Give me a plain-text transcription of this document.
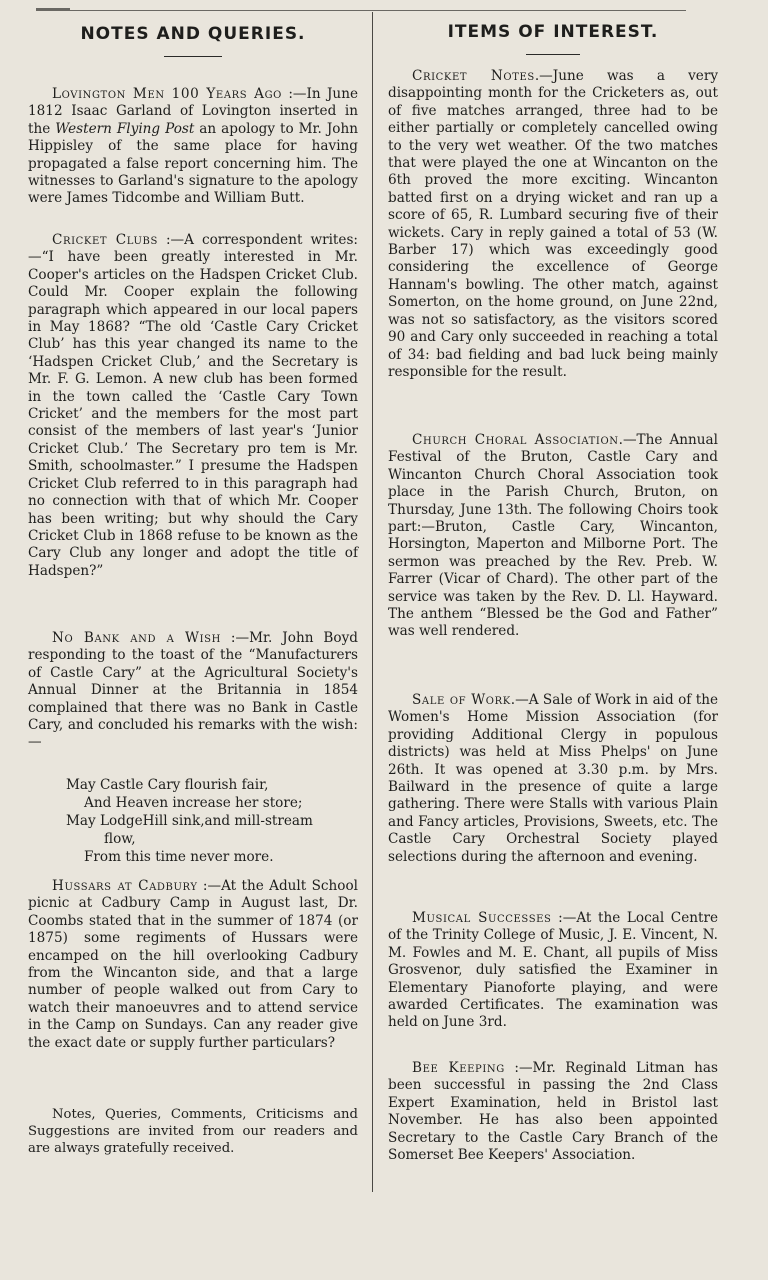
NOTES AND QUERIES.

Lovington Men 100 Years Ago :—In June 1812 Isaac Garland of Lovington inserted in the Western Flying Post an apology to Mr. John Hippisley of the same place for having propagated a false report concerning him. The witnesses to Garland's signature to the apology were James Tidcombe and William Butt.

Cricket Clubs :—A correspondent writes:—“I have been greatly interested in Mr. Cooper's articles on the Hadspen Cricket Club. Could Mr. Cooper explain the following paragraph which appeared in our local papers in May 1868? “The old ‘Castle Cary Cricket Club’ has this year changed its name to the ‘Hadspen Cricket Club,’ and the Secretary is Mr. F. G. Lemon. A new club has been formed in the town called the ‘Castle Cary Town Cricket’ and the members for the most part consist of the members of last year's ‘Junior Cricket Club.’ The Secretary pro tem is Mr. Smith, schoolmaster.” I presume the Hadspen Cricket Club referred to in this paragraph had no connection with that of which Mr. Cooper has been writing; but why should the Cary Cricket Club in 1868 refuse to be known as the Cary Club any longer and adopt the title of Hadspen?”

No Bank and a Wish :—Mr. John Boyd responding to the toast of the “Manufacturers of Castle Cary” at the Agricultural Society's Annual Dinner at the Britannia in 1854 complained that there was no Bank in Castle Cary, and concluded his remarks with the wish:—

May Castle Cary flourish fair,
And Heaven increase her store;
May LodgeHill sink,and mill-stream
flow,
From this time never more.

Hussars at Cadbury :—At the Adult School picnic at Cadbury Camp in August last, Dr. Coombs stated that in the summer of 1874 (or 1875) some regiments of Hussars were encamped on the hill overlooking Cadbury from the Wincanton side, and that a large number of people walked out from Cary to watch their manoeuvres and to attend service in the Camp on Sundays. Can any reader give the exact date or supply further particulars?

Notes, Queries, Comments, Criticisms and Suggestions are invited from our readers and are always gratefully received.

ITEMS OF INTEREST.

Cricket Notes.—June was a very disappointing month for the Cricketers as, out of five matches arranged, three had to be either partially or completely cancelled owing to the very wet weather. Of the two matches that were played the one at Wincanton on the 6th proved the more exciting. Wincanton batted first on a drying wicket and ran up a score of 65, R. Lumbard securing five of their wickets. Cary in reply gained a total of 53 (W. Barber 17) which was exceedingly good considering the excellence of George Hannam's bowling. The other match, against Somerton, on the home ground, on June 22nd, was not so satisfactory, as the visitors scored 90 and Cary only succeeded in reaching a total of 34: bad fielding and bad luck being mainly responsible for the result.

Church Choral Association.—The Annual Festival of the Bruton, Castle Cary and Wincanton Church Choral Association took place in the Parish Church, Bruton, on Thursday, June 13th. The following Choirs took part:—Bruton, Castle Cary, Wincanton, Horsington, Maperton and Milborne Port. The sermon was preached by the Rev. Preb. W. Farrer (Vicar of Chard). The other part of the service was taken by the Rev. D. Ll. Hayward. The anthem “Blessed be the God and Father” was well rendered.

Sale of Work.—A Sale of Work in aid of the Women's Home Mission Association (for providing Additional Clergy in populous districts) was held at Miss Phelps' on June 26th. It was opened at 3.30 p.m. by Mrs. Bailward in the presence of quite a large gathering. There were Stalls with various Plain and Fancy articles, Provisions, Sweets, etc. The Castle Cary Orchestral Society played selections during the afternoon and evening.

Musical Successes :—At the Local Centre of the Trinity College of Music, J. E. Vincent, N. M. Fowles and M. E. Chant, all pupils of Miss Grosvenor, duly satisfied the Examiner in Elementary Pianoforte playing, and were awarded Certificates. The examination was held on June 3rd.

Bee Keeping :—Mr. Reginald Litman has been successful in passing the 2nd Class Expert Examination, held in Bristol last November. He has also been appointed Secretary to the Castle Cary Branch of the Somerset Bee Keepers' Association.
